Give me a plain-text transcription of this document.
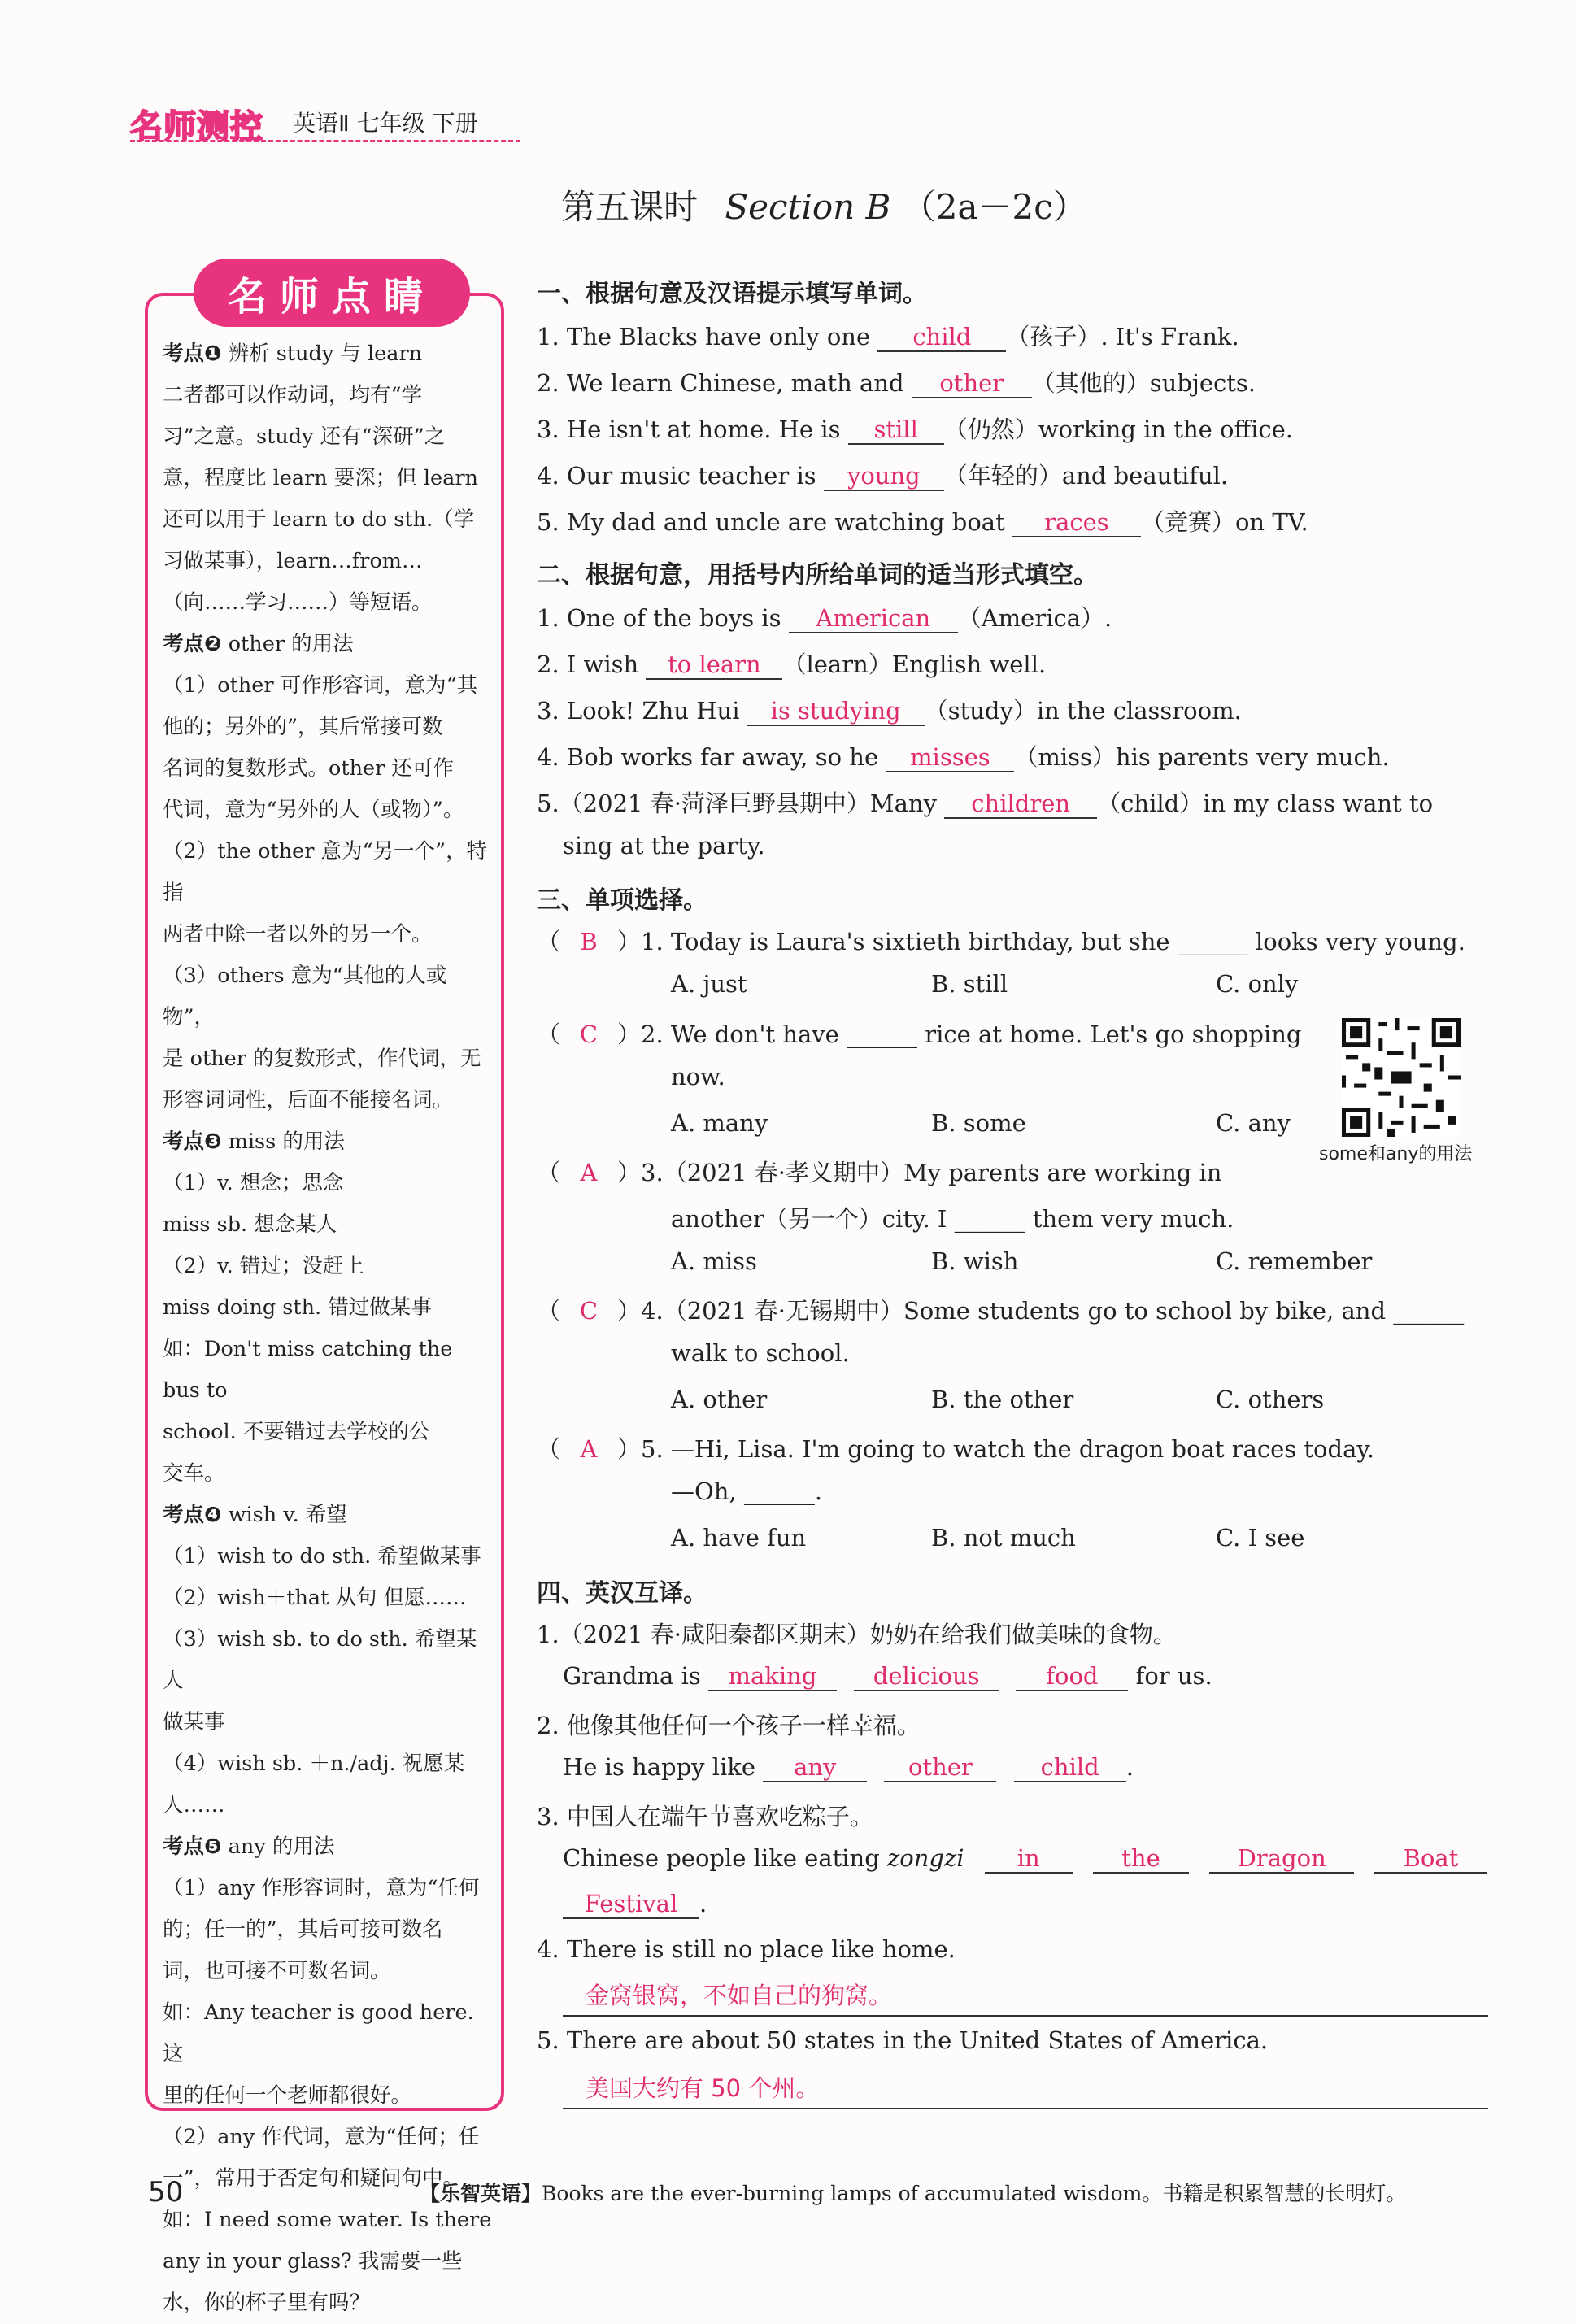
名师测控 英语Ⅱ 七年级 下册
第五课时 Section B （2a－2c）
名师点睛
考点❶ 辨析 study 与 learn
二者都可以作动词，均有“学
习”之意。study 还有“深研”之
意，程度比 learn 要深；但 learn
还可以用于 learn to do sth.（学
习做某事），learn…from…
（向……学习……）等短语。
考点❷ other 的用法
（1）other 可作形容词，意为“其
他的；另外的”，其后常接可数
名词的复数形式。other 还可作
代词，意为“另外的人（或物）”。
（2）the other 意为“另一个”，特指
两者中除一者以外的另一个。
（3）others 意为“其他的人或物”，
是 other 的复数形式，作代词，无
形容词词性，后面不能接名词。
考点❸ miss 的用法
（1）v. 想念；思念
miss sb. 想念某人
（2）v. 错过；没赶上
miss doing sth. 错过做某事
如：Don't miss catching the bus to
school. 不要错过去学校的公
交车。
考点❹ wish v. 希望
（1）wish to do sth. 希望做某事
（2）wish＋that 从句 但愿……
（3）wish sb. to do sth. 希望某人
做某事
（4）wish sb. ＋n./adj. 祝愿某
人……
考点❺ any 的用法
（1）any 作形容词时，意为“任何
的；任一的”，其后可接可数名
词，也可接不可数名词。
如：Any teacher is good here. 这
里的任何一个老师都很好。
（2）any 作代词，意为“任何；任
一”，常用于否定句和疑问句中。
如：I need some water. Is there
any in your glass? 我需要一些
水，你的杯子里有吗？
一、根据句意及汉语提示填写单词。
1. The Blacks have only one child （孩子）. It's Frank.
2. We learn Chinese, math and other （其他的）subjects.
3. He isn't at home. He is still （仍然）working in the office.
4. Our music teacher is young （年轻的）and beautiful.
5. My dad and uncle are watching boat races （竞赛）on TV.
二、根据句意，用括号内所给单词的适当形式填空。
1. One of the boys is American （America）.
2. I wish to learn （learn）English well.
3. Look! Zhu Hui is studying （study）in the classroom.
4. Bob works far away, so he misses （miss）his parents very much.
5.（2021 春·菏泽巨野县期中）Many children （child）in my class want to
sing at the party.
三、单项选择。
（ B ）1. Today is Laura's sixtieth birthday, but she ______ looks very young.
A. just	B. still	C. only
（ C ）2. We don't have ______ rice at home. Let's go shopping
now.
A. many	B. some	C. any
（ A ）3.（2021 春·孝义期中）My parents are working in
another（另一个）city. I ______ them very much.
A. miss	B. wish	C. remember
（ C ）4.（2021 春·无锡期中）Some students go to school by bike, and ______
walk to school.
A. other	B. the other	C. others
（ A ）5. —Hi, Lisa. I'm going to watch the dragon boat races today.
—Oh, ______.
A. have fun	B. not much	C. I see
四、英汉互译。
1.（2021 春·咸阳秦都区期末）奶奶在给我们做美味的食物。
Grandma is making delicious	food for us.
2. 他像其他任何一个孩子一样幸福。
He is happy like any	other	child .
3. 中国人在端午节喜欢吃粽子。
Chinese people like eating zongzi in	the	Dragon	Boat
Festival .
4. There is still no place like home.
金窝银窝，不如自己的狗窝。
5. There are about 50 states in the United States of America.
美国大约有 50 个州。
some和any的用法
50	【乐智英语】Books are the ever-burning lamps of accumulated wisdom。书籍是积累智慧的长明灯。
